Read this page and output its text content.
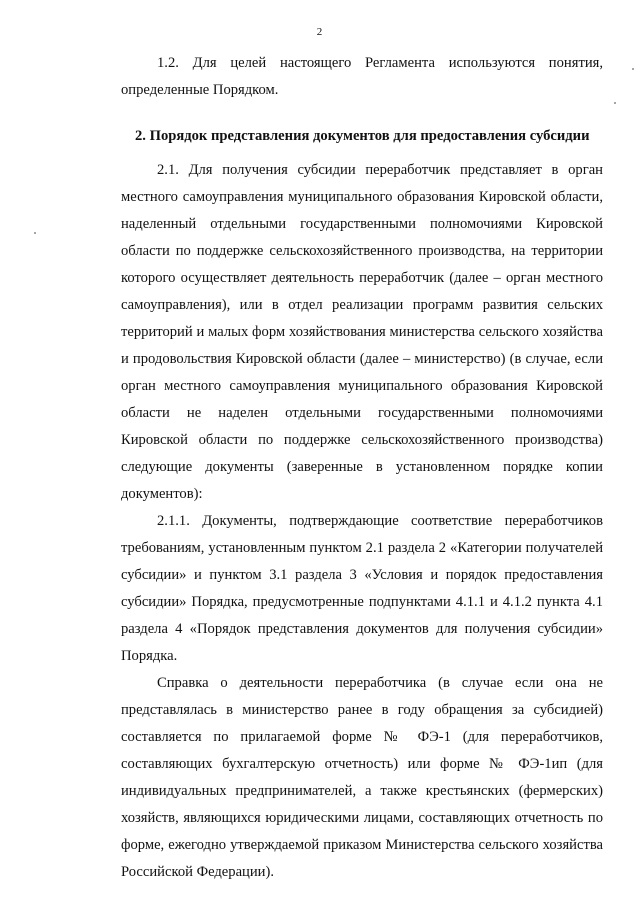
2

1.2. Для целей настоящего Регламента используются понятия, определенные Порядком.

2. Порядок представления документов для предоставления субсидии

2.1. Для получения субсидии переработчик представляет в орган местного самоуправления муниципального образования Кировской области, наделенный отдельными государственными полномочиями Кировской области по поддержке сельскохозяйственного производства, на территории которого осуществляет деятельность переработчик (далее – орган местного самоуправления), или в отдел реализации программ развития сельских территорий и малых форм хозяйствования министерства сельского хозяйства и продовольствия Кировской области (далее – министерство) (в случае, если орган местного самоуправления муниципального образования Кировской области не наделен отдельными государственными полномочиями Кировской области по поддержке сельскохозяйственного производства) следующие документы (заверенные в установленном порядке копии документов):

2.1.1. Документы, подтверждающие соответствие переработчиков требованиям, установленным пунктом 2.1 раздела 2 «Категории получателей субсидии» и пунктом 3.1 раздела 3 «Условия и порядок предоставления субсидии» Порядка, предусмотренные подпунктами 4.1.1 и 4.1.2 пункта 4.1 раздела 4 «Порядок представления документов для получения субсидии» Порядка.

Справка о деятельности переработчика (в случае если она не представлялась в министерство ранее в году обращения за субсидией) составляется по прилагаемой форме № ФЭ-1 (для переработчиков, составляющих бухгалтерскую отчетность) или форме № ФЭ-1ип (для индивидуальных предпринимателей, а также крестьянских (фермерских) хозяйств, являющихся юридическими лицами, составляющих отчетность по форме, ежегодно утверждаемой приказом Министерства сельского хозяйства Российской Федерации).
